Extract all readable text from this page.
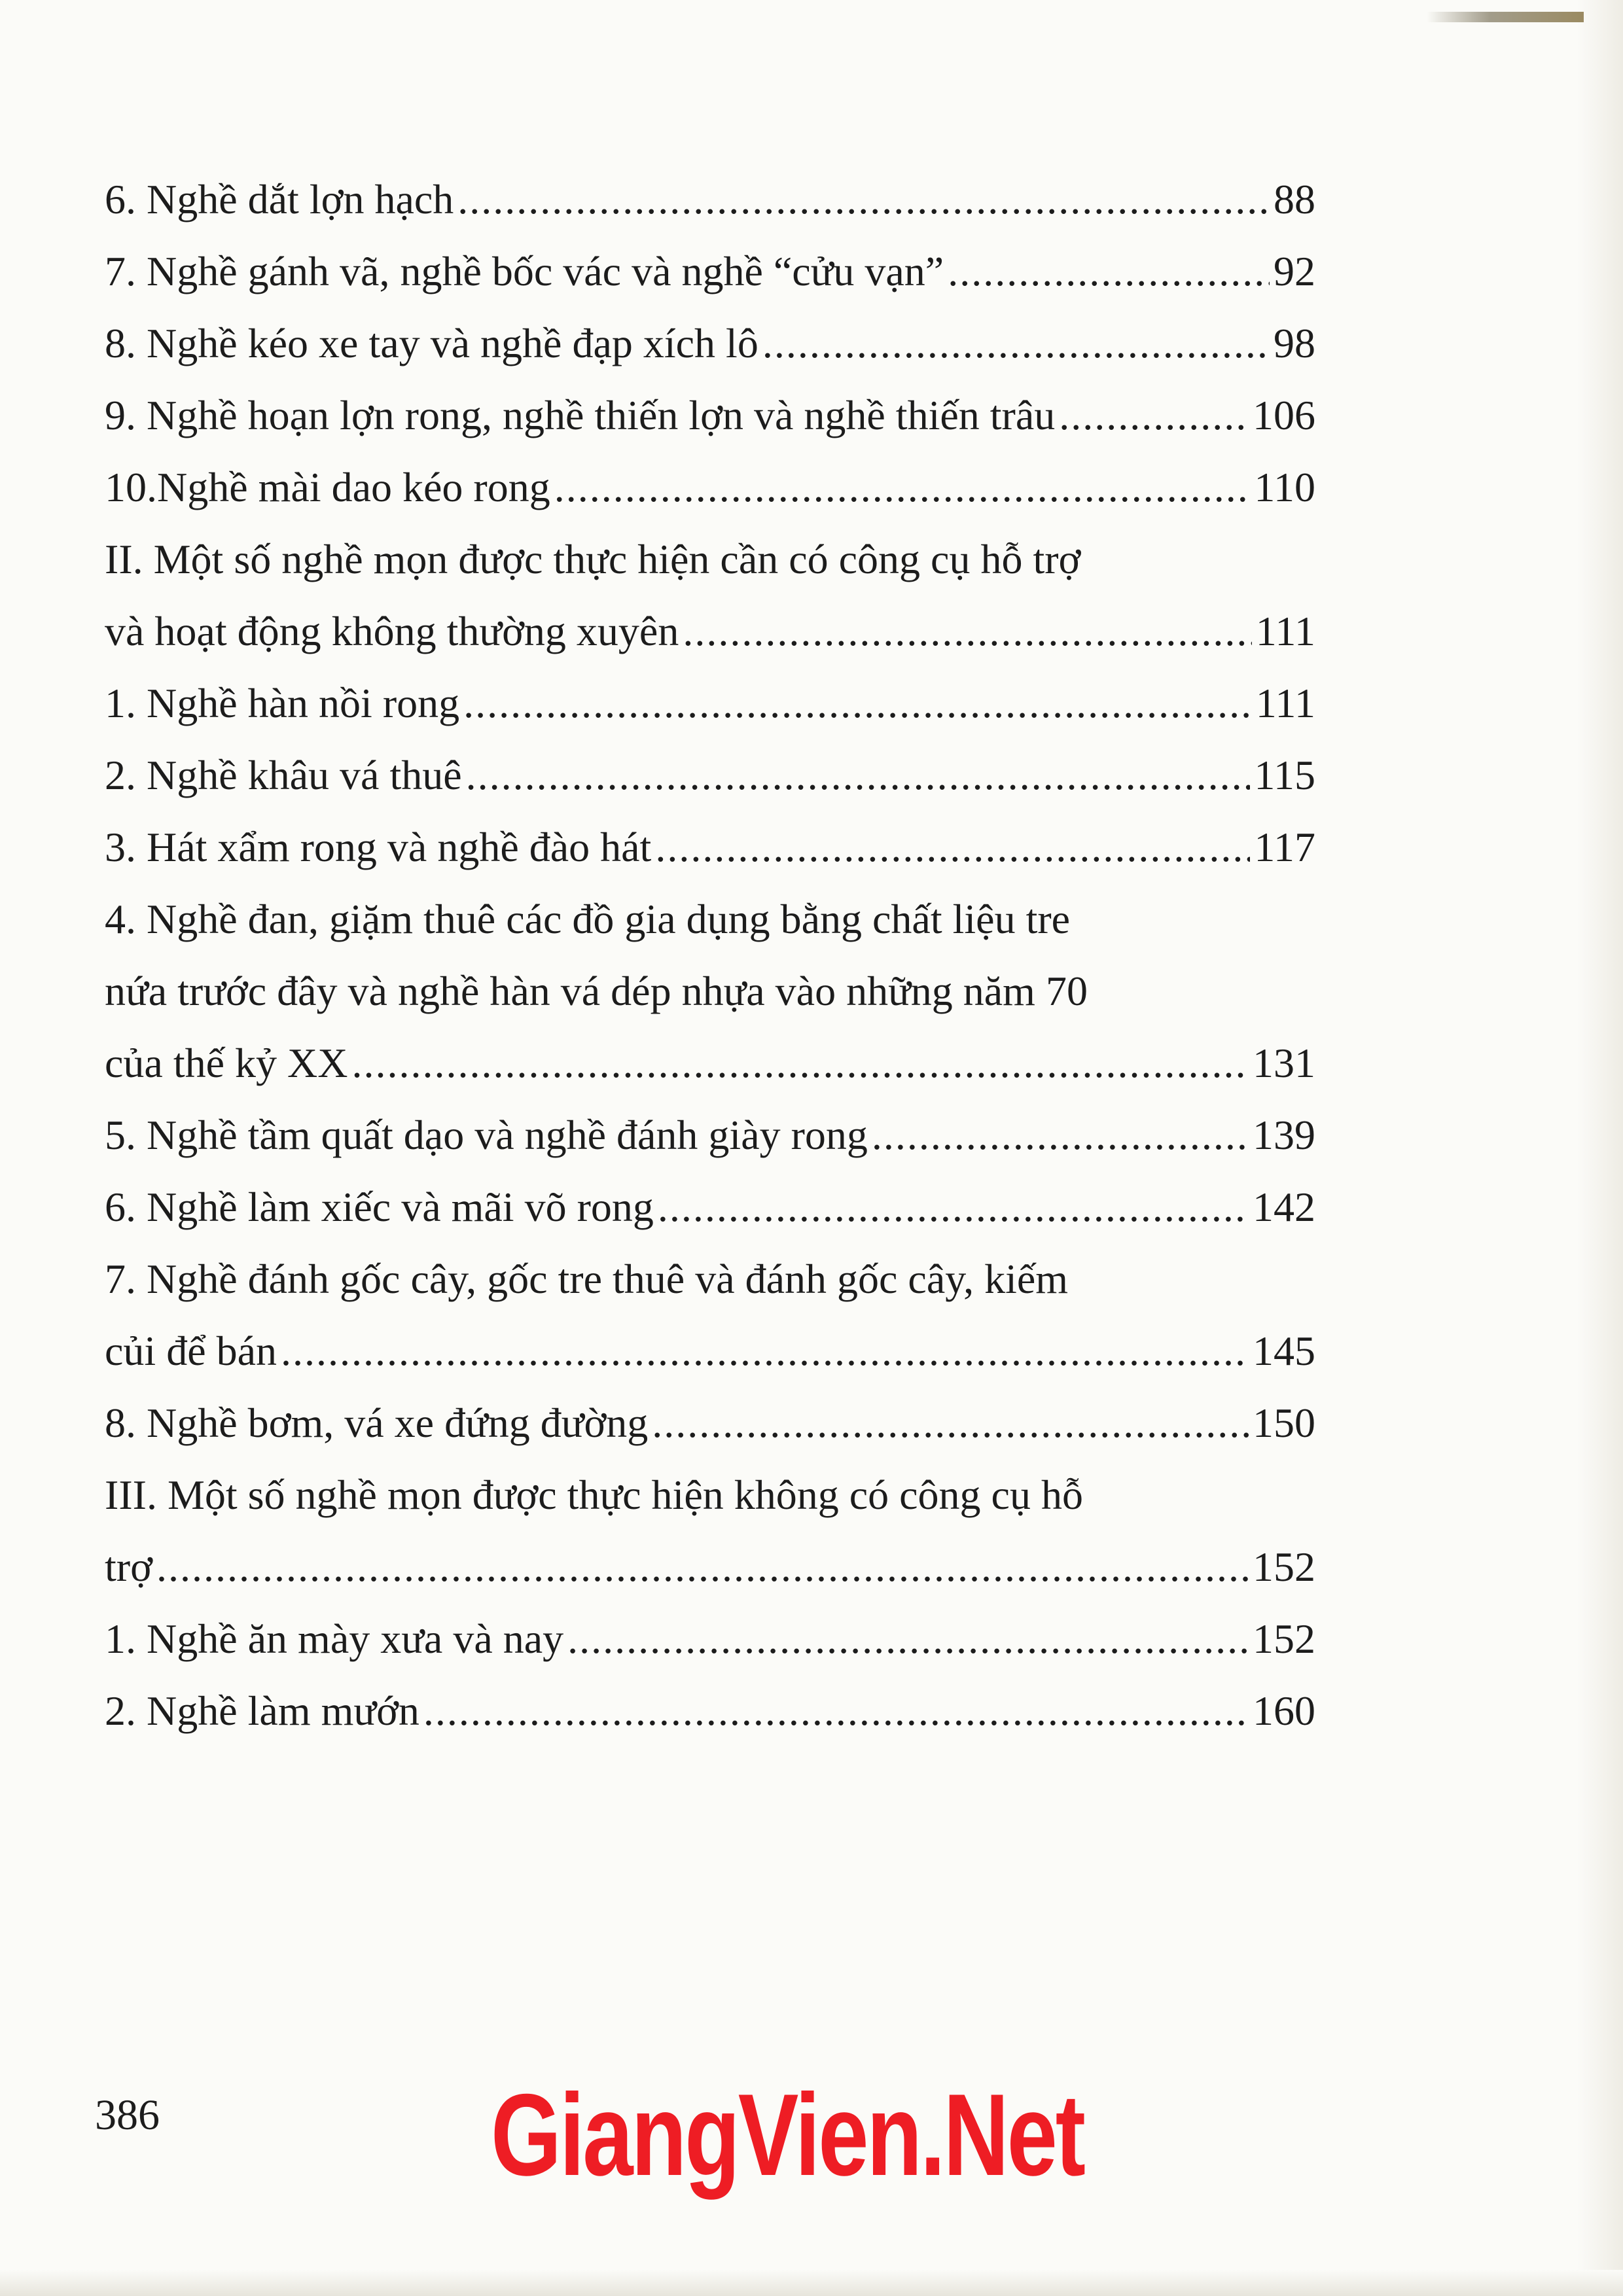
6. Nghề dắt lợn hạch .....	88
7. Nghề gánh vã, nghề bốc vác và nghề “cửu vạn” .....	92
8. Nghề kéo xe tay và nghề đạp xích lô .....	98
9. Nghề hoạn lợn rong, nghề thiến lợn và nghề thiến trâu .....	106
10.Nghề mài dao kéo rong .....	110
II. Một số nghề mọn được thực hiện cần có công cụ hỗ trợ
và hoạt động không thường xuyên .....	111
1. Nghề hàn nồi rong .....	111
2. Nghề khâu vá thuê .....	115
3. Hát xẩm rong và nghề đào hát .....	117
4. Nghề đan, giặm thuê các đồ gia dụng bằng chất liệu tre
nứa trước đây và nghề hàn vá dép nhựa vào những năm 70
của thế kỷ XX .....	131
5. Nghề tầm quất dạo và nghề đánh giày rong .....	139
6. Nghề làm xiếc và mãi võ rong .....	142
7. Nghề đánh gốc cây, gốc tre thuê và đánh gốc cây, kiếm
củi để bán .....	145
8. Nghề bơm, vá xe đứng đường .....	150
III. Một số nghề mọn được thực hiện không có công cụ hỗ
trợ .....	152
1. Nghề ăn mày xưa và nay .....	152
2. Nghề làm mướn .....	160
386	GiangVien.Net
